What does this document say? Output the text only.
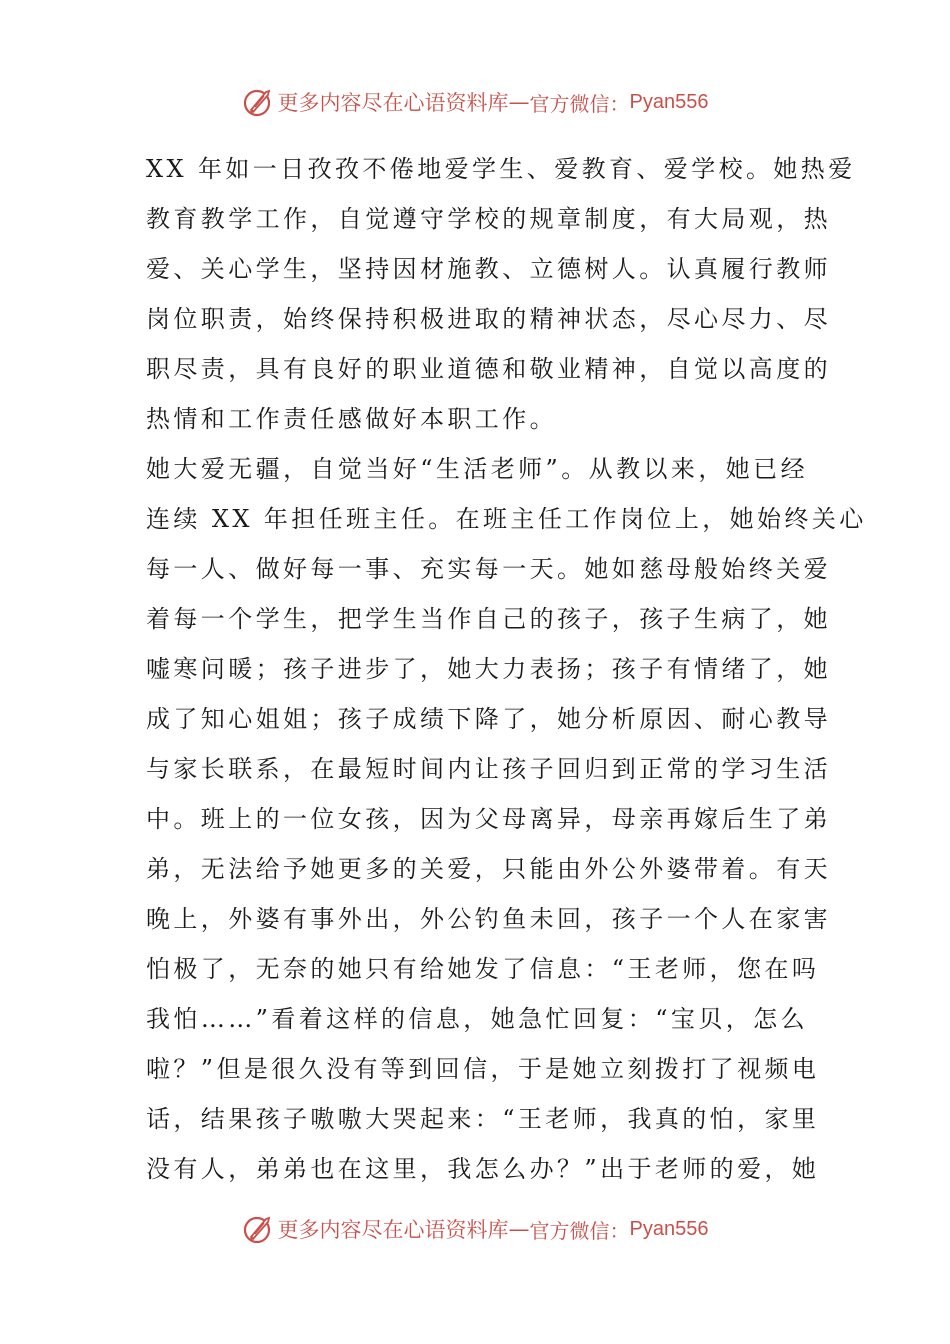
更多内容尽在心语资料库 — 官方微信： Pyan556
XX 年如一日孜孜不倦地爱学生、爱教育、爱学校。她热爱
教育教学工作，自觉遵守学校的规章制度，有大局观，热
爱、关心学生，坚持因材施教、立德树人。认真履行教师
岗位职责，始终保持积极进取的精神状态，尽心尽力、尽
职尽责，具有良好的职业道德和敬业精神，自觉以高度的
热情和工作责任感做好本职工作。
她大爱无疆，自觉当好“生活老师”。从教以来，她已经
连续 XX 年担任班主任。在班主任工作岗位上，她始终关心
每一人、做好每一事、充实每一天。她如慈母般始终关爱
着每一个学生，把学生当作自己的孩子，孩子生病了，她
嘘寒问暖；孩子进步了，她大力表扬；孩子有情绪了，她
成了知心姐姐；孩子成绩下降了，她分析原因、耐心教导
与家长联系，在最短时间内让孩子回归到正常的学习生活
中。班上的一位女孩，因为父母离异，母亲再嫁后生了弟
弟，无法给予她更多的关爱，只能由外公外婆带着。有天
晚上，外婆有事外出，外公钓鱼未回，孩子一个人在家害
怕极了，无奈的她只有给她发了信息：“王老师，您在吗
我怕……”看着这样的信息，她急忙回复：“宝贝，怎么
啦？”但是很久没有等到回信，于是她立刻拨打了视频电
话，结果孩子嗷嗷大哭起来：“王老师，我真的怕，家里
没有人，弟弟也在这里，我怎么办？”出于老师的爱，她
更多内容尽在心语资料库 — 官方微信： Pyan556
